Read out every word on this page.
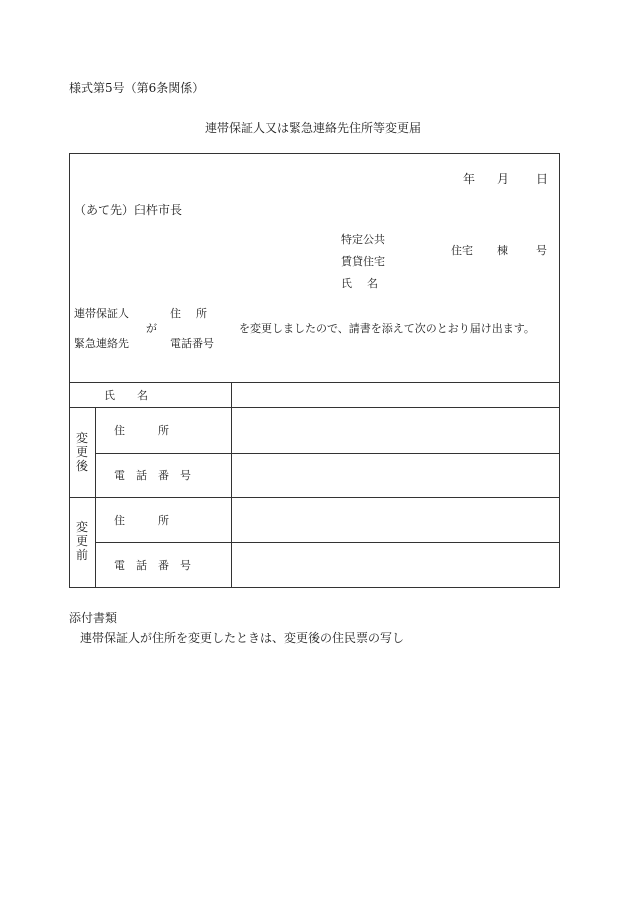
様式第5号（第6条関係）
連帯保証人又は緊急連絡先住所等変更届
年 月 日
（あて先） 臼杵市長
特定公共
賃貸住宅
住宅 棟	号
氏　名
連帯保証人
緊急連絡先
が
住　所
電話番号
を変更しましたので、請書を添えて次のとおり届け出ます。
氏　　名
変更後
住　　　所
電　話　番　号
変更前
住　　　所
電　話　番　号
添付書類
連帯保証人が住所を変更したときは、変更後の住民票の写し
